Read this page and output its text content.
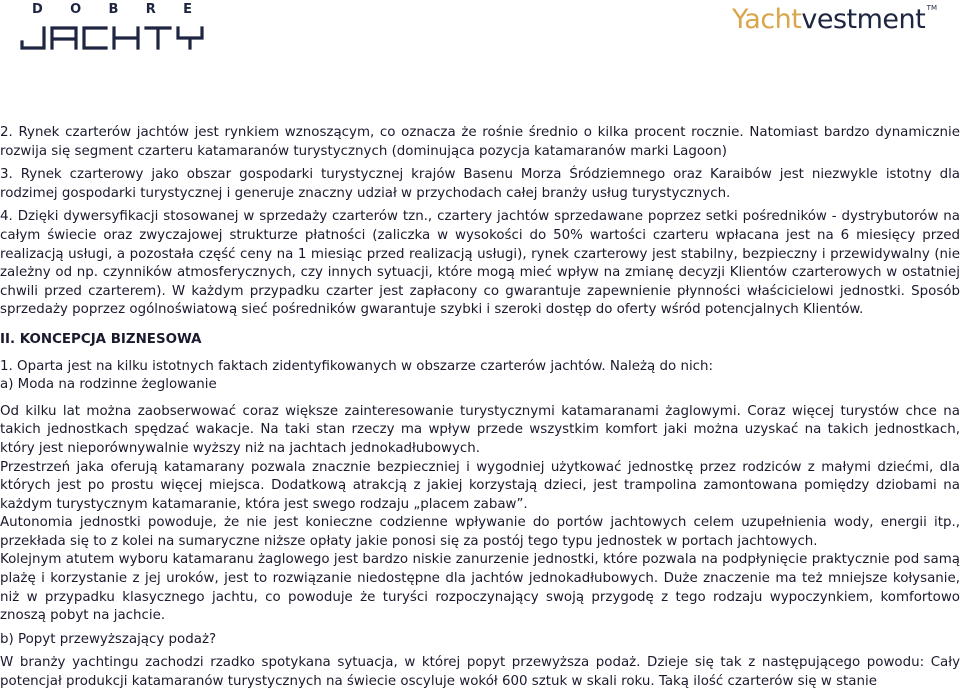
D O B R E	Yachtvestment TM

2. Rynek czarterów jachtów jest rynkiem wznoszącym, co oznacza że rośnie średnio o kilka procent rocznie. Natomiast bardzo dynamicznie rozwija się segment czarteru katamaranów turystycznych (dominująca pozycja katamaranów marki Lagoon)

3. Rynek czarterowy jako obszar gospodarki turystycznej krajów Basenu Morza Śródziemnego oraz Karaibów jest niezwykle istotny dla rodzimej gospodarki turystycznej i generuje znaczny udział w przychodach całej branży usług turystycznych.

4. Dzięki dywersyfikacji stosowanej w sprzedaży czarterów tzn., czartery jachtów sprzedawane poprzez setki pośredników - dystrybutorów na całym świecie oraz zwyczajowej strukturze płatności (zaliczka w wysokości do 50% wartości czarteru wpłacana jest na 6 miesięcy przed realizacją usługi, a pozostała część ceny na 1 miesiąc przed realizacją usługi), rynek czarterowy jest stabilny, bezpieczny i przewidywalny (nie zależny od np. czynników atmosferycznych, czy innych sytuacji, które mogą mieć wpływ na zmianę decyzji Klientów czarterowych w ostatniej chwili przed czarterem). W każdym przypadku czarter jest zapłacony co gwarantuje zapewnienie płynności właścicielowi jednostki. Sposób sprzedaży poprzez ogólnoświatową sieć pośredników gwarantuje szybki i szeroki dostęp do oferty wśród potencjalnych Klientów.

II. KONCEPCJA BIZNESOWA

1. Oparta jest na kilku istotnych faktach zidentyfikowanych w obszarze czarterów jachtów. Należą do nich:

a) Moda na rodzinne żeglowanie

Od kilku lat można zaobserwować coraz większe zainteresowanie turystycznymi katamaranami żaglowymi. Coraz więcej turystów chce na takich jednostkach spędzać wakacje. Na taki stan rzeczy ma wpływ przede wszystkim komfort jaki można uzyskać na takich jednostkach, który jest nieporównywalnie wyższy niż na jachtach jednokadłubowych.

Przestrzeń jaka oferują katamarany pozwala znacznie bezpieczniej i wygodniej użytkować jednostkę przez rodziców z małymi dziećmi, dla których jest po prostu więcej miejsca. Dodatkową atrakcją z jakiej korzystają dzieci, jest trampolina zamontowana pomiędzy dziobami na każdym turystycznym katamaranie, która jest swego rodzaju „placem zabaw”.

Autonomia jednostki powoduje, że nie jest konieczne codzienne wpływanie do portów jachtowych celem uzupełnienia wody, energii itp., przekłada się to z kolei na sumaryczne niższe opłaty jakie ponosi się za postój tego typu jednostek w portach jachtowych.

Kolejnym atutem wyboru katamaranu żaglowego jest bardzo niskie zanurzenie jednostki, które pozwala na podpłynięcie praktycznie pod samą plażę i korzystanie z jej uroków, jest to rozwiązanie niedostępne dla jachtów jednokadłubowych. Duże znaczenie ma też mniejsze kołysanie, niż w przypadku klasycznego jachtu, co powoduje że turyści rozpoczynający swoją przygodę z tego rodzaju wypoczynkiem, komfortowo znoszą pobyt na jachcie.

b) Popyt przewyższający podaż?

W branży yachtingu zachodzi rzadko spotykana sytuacja, w której popyt przewyższa podaż. Dzieje się tak z następującego powodu: Cały potencjał produkcji katamaranów turystycznych na świecie oscyluje wokół 600 sztuk w skali roku. Taką ilość czarterów się w stanie
